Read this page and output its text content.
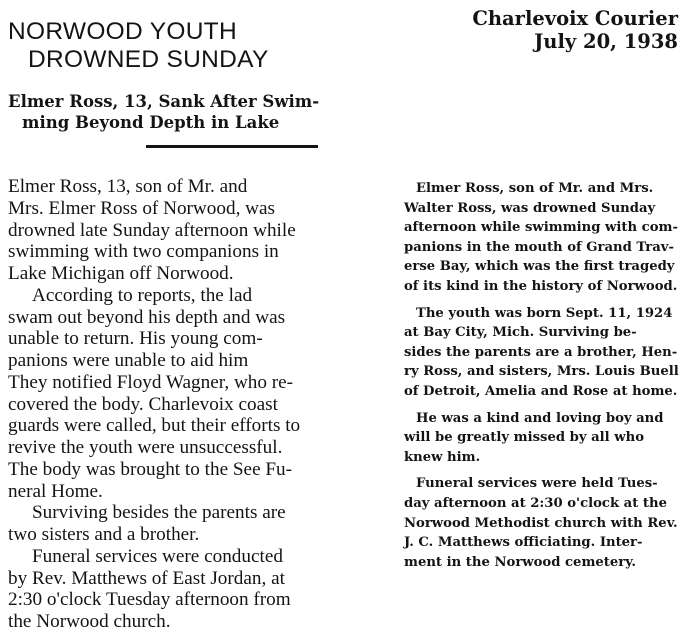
NORWOOD YOUTH
DROWNED SUNDAY
Charlevoix Courier
July 20, 1938
Elmer Ross, 13, Sank After Swim-
ming Beyond Depth in Lake
Elmer Ross, 13, son of Mr. and
Mrs. Elmer Ross of Norwood, was
drowned late Sunday afternoon while
swimming with two companions in
Lake Michigan off Norwood.
According to reports, the lad
swam out beyond his depth and was
unable to return. His young com-
panions were unable to aid him
They notified Floyd Wagner, who re-
covered the body. Charlevoix coast
guards were called, but their efforts to
revive the youth were unsuccessful.
The body was brought to the See Fu-
neral Home.
Surviving besides the parents are
two sisters and a brother.
Funeral services were conducted
by Rev. Matthews of East Jordan, at
2:30 o'clock Tuesday afternoon from
the Norwood church.
Elmer Ross, son of Mr. and Mrs.
Walter Ross, was drowned Sunday
afternoon while swimming with com-
panions in the mouth of Grand Trav-
erse Bay, which was the first tragedy
of its kind in the history of Norwood.
The youth was born Sept. 11, 1924
at Bay City, Mich. Surviving be-
sides the parents are a brother, Hen-
ry Ross, and sisters, Mrs. Louis Buell
of Detroit, Amelia and Rose at home.
He was a kind and loving boy and
will be greatly missed by all who
knew him.
Funeral services were held Tues-
day afternoon at 2:30 o'clock at the
Norwood Methodist church with Rev.
J. C. Matthews officiating. Inter-
ment in the Norwood cemetery.
